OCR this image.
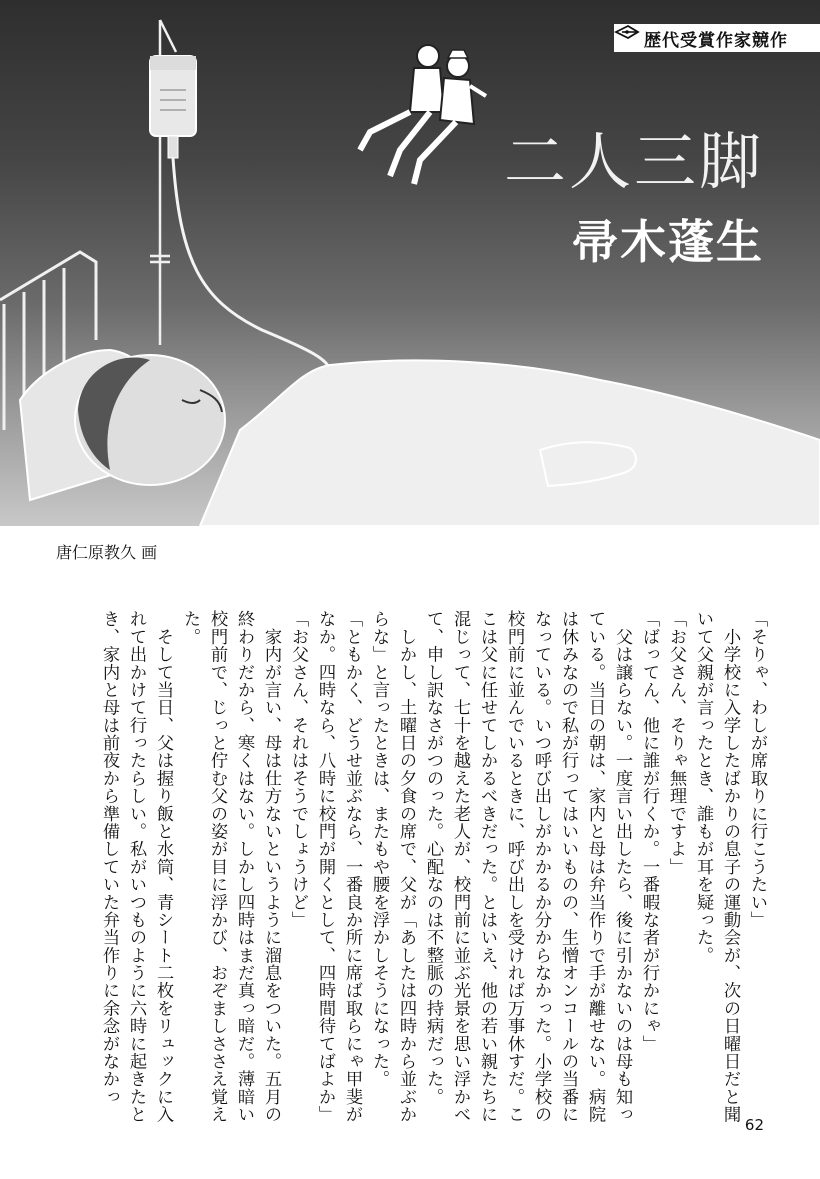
歴代受賞作家競作
二人三脚
帚木蓬生
唐仁原教久 画

「そりゃ、わしが席取りに行こうたい」

　小学校に入学したばかりの息子の運動会が、次の日曜日だと聞

いて父親が言ったとき、誰もが耳を疑った。

「お父さん、そりゃ無理ですよ」

「ばってん、他に誰が行くか。一番暇な者が行かにゃ」

　父は譲らない。一度言い出したら、後に引かないのは母も知っ

ている。当日の朝は、家内と母は弁当作りで手が離せない。病院

は休みなので私が行ってはいいものの、生憎オンコールの当番に

なっている。いつ呼び出しがかかるか分からなかった。小学校の

校門前に並んでいるときに、呼び出しを受ければ万事休すだ。こ

こは父に任せてしかるべきだった。とはいえ、他の若い親たちに

混じって、七十を越えた老人が、校門前に並ぶ光景を思い浮かべ

て、申し訳なさがつのった。心配なのは不整脈の持病だった。

　しかし、土曜日の夕食の席で、父が「あしたは四時から並ぶか

らな」と言ったときは、またもや腰を浮かしそうになった。

「ともかく、どうせ並ぶなら、一番良か所に席ば取らにゃ甲斐が

なか。四時なら、八時に校門が開くとして、四時間待てばよか」

「お父さん、それはそうでしょうけど」

　家内が言い、母は仕方ないというように溜息をついた。五月の

終わりだから、寒くはない。しかし四時はまだ真っ暗だ。薄暗い

校門前で、じっと佇む父の姿が目に浮かび、おぞましささえ覚え

た。

　そして当日、父は握り飯と水筒、青シート二枚をリュックに入

れて出かけて行ったらしい。私がいつものように六時に起きたと

き、家内と母は前夜から準備していた弁当作りに余念がなかっ

62
